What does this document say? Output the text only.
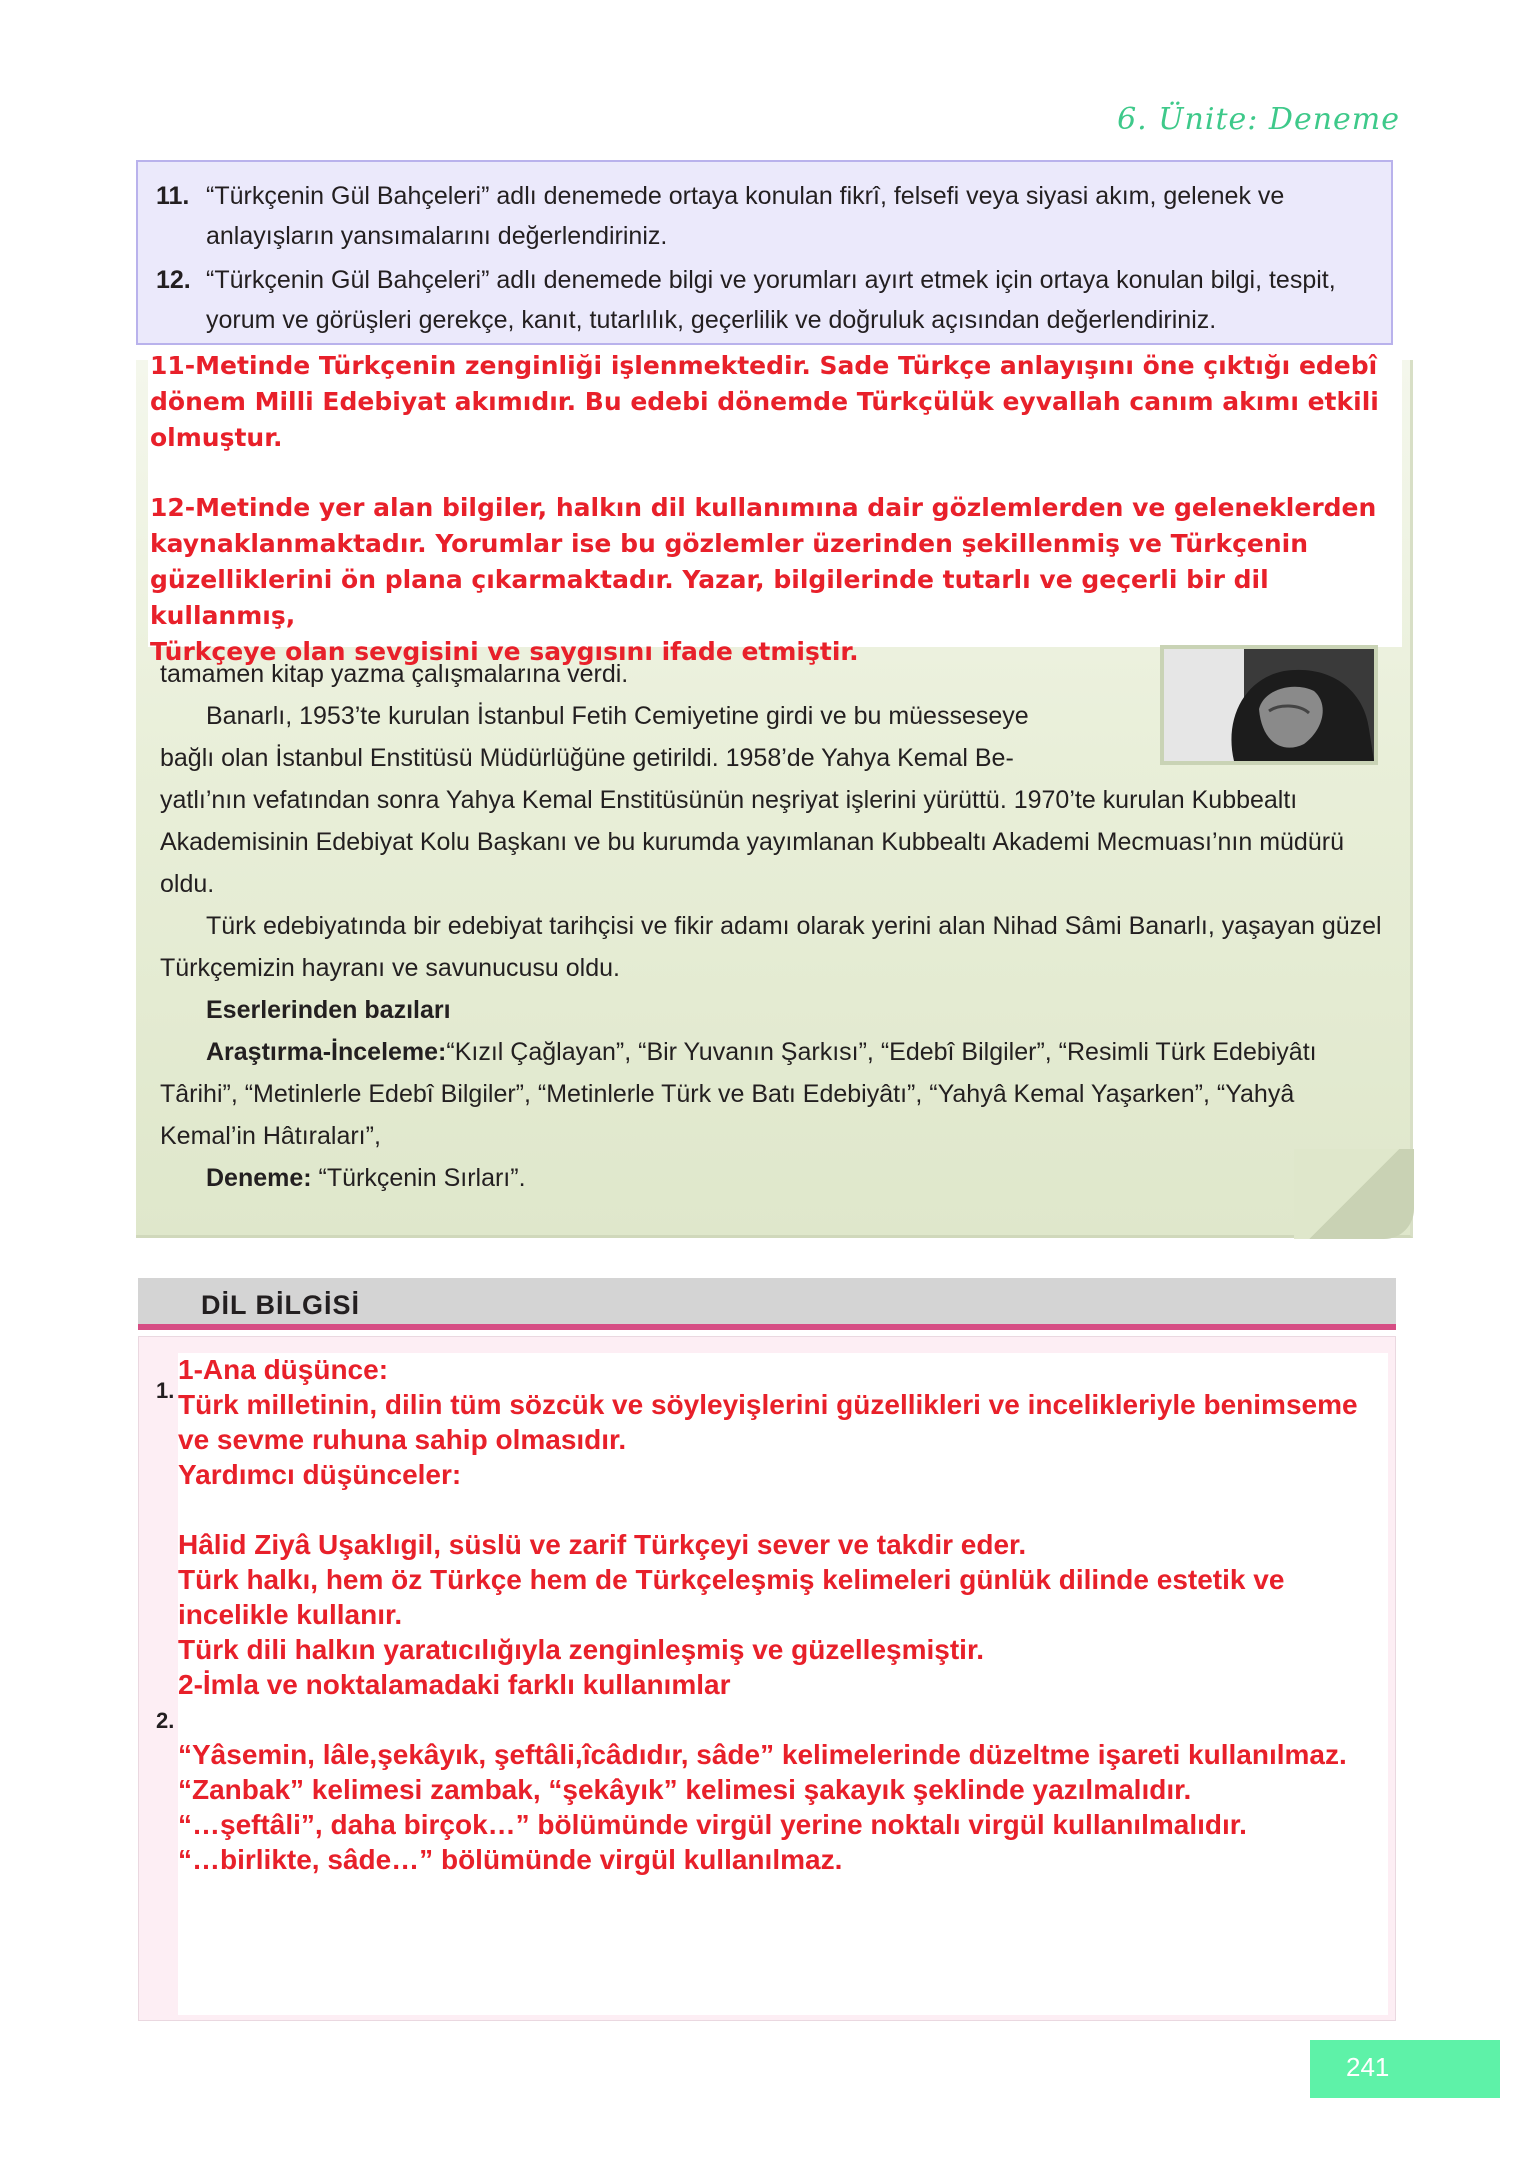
6. Ünite: Deneme
11. “Türkçenin Gül Bahçeleri” adlı denemede ortaya konulan fikrî, felsefi veya siyasi akım, gelenek ve anlayışların yansımalarını değerlendiriniz.
12. “Türkçenin Gül Bahçeleri” adlı denemede bilgi ve yorumları ayırt etmek için ortaya konulan bilgi, tespit, yorum ve görüşleri gerekçe, kanıt, tutarlılık, geçerlilik ve doğruluk açısından değerlendiriniz.

11-Metinde Türkçenin zenginliği işlenmektedir. Sade Türkçe anlayışını öne çıktığı edebî

dönem Milli Edebiyat akımıdır. Bu edebi dönemde Türkçülük eyvallah canım akımı etkili

olmuştur.

12-Metinde yer alan bilgiler, halkın dil kullanımına dair gözlemlerden ve geleneklerden

kaynaklanmaktadır. Yorumlar ise bu gözlemler üzerinden şekillenmiş ve Türkçenin

güzelliklerini ön plana çıkarmaktadır. Yazar, bilgilerinde tutarlı ve geçerli bir dil kullanmış,

Türkçeye olan sevgisini ve saygısını ifade etmiştir.

tamamen kitap yazma çalışmalarına verdi.

Banarlı, 1953’te kurulan İstanbul Fetih Cemiyetine girdi ve bu müesseseye

bağlı olan İstanbul Enstitüsü Müdürlüğüne getirildi. 1958’de Yahya Kemal Be-

yatlı’nın vefatından sonra Yahya Kemal Enstitüsünün neşriyat işlerini yürüttü. 1970’te kurulan Kubbealtı Akademisinin Edebiyat Kolu Başkanı ve bu kurumda yayımlanan Kubbealtı Akademi Mecmuası’nın müdürü oldu.

Türk edebiyatında bir edebiyat tarihçisi ve fikir adamı olarak yerini alan Nihad Sâmi Banarlı, yaşayan güzel Türkçemizin hayranı ve savunucusu oldu.

Eserlerinden bazıları

Araştırma-İnceleme:“Kızıl Çağlayan”, “Bir Yuvanın Şarkısı”, “Edebî Bilgiler”, “Resimli Türk Edebiyâtı Târihi”, “Metinlerle Edebî Bilgiler”, “Metinlerle Türk ve Batı Edebiyâtı”, “Yahyâ Kemal Yaşarken”, “Yahyâ Kemal’in Hâtıraları”,

Deneme: “Türkçenin Sırları”.

DİL BİLGİSİ
1.
2.

1-Ana düşünce:

Türk milletinin, dilin tüm sözcük ve söyleyişlerini güzellikleri ve incelikleriyle benimseme

ve sevme ruhuna sahip olmasıdır.

Yardımcı düşünceler:

Hâlid Ziyâ Uşaklıgil, süslü ve zarif Türkçeyi sever ve takdir eder.

Türk halkı, hem öz Türkçe hem de Türkçeleşmiş kelimeleri günlük dilinde estetik ve incelikle kullanır.

Türk dili halkın yaratıcılığıyla zenginleşmiş ve güzelleşmiştir.

2-İmla ve noktalamadaki farklı kullanımlar

“Yâsemin, lâle,şekâyık, şeftâli,îcâdıdır, sâde” kelimelerinde düzeltme işareti kullanılmaz.

“Zanbak” kelimesi zambak, “şekâyık” kelimesi şakayık şeklinde yazılmalıdır.

“…şeftâli”, daha birçok…” bölümünde virgül yerine noktalı virgül kullanılmalıdır.

“…birlikte, sâde…” bölümünde virgül kullanılmaz.

241
